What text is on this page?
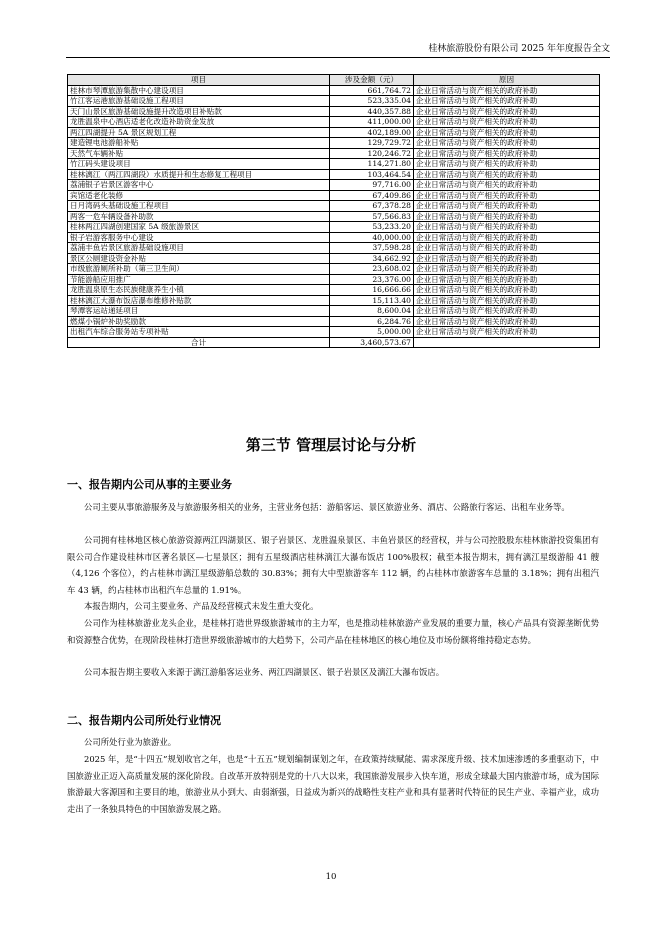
桂林旅游股份有限公司 2025 年年度报告全文
项目	涉及金额（元）	原因
桂林市琴潭旅游集散中心建设项目	661,764.72	企业日常活动与资产相关的政府补助
竹江客运港旅游基础设施工程项目	523,335.04	企业日常活动与资产相关的政府补助
天门山景区旅游基础设施提升改造项目补贴款	440,357.88	企业日常活动与资产相关的政府补助
龙胜温泉中心酒店适老化改造补助资金发放	411,000.00	企业日常活动与资产相关的政府补助
两江四湖提升 5A 景区规划工程	402,189.00	企业日常活动与资产相关的政府补助
建造锂电池游船补贴	129,729.72	企业日常活动与资产相关的政府补助
天然气车辆补贴	120,246.72	企业日常活动与资产相关的政府补助
竹江码头建设项目	114,271.80	企业日常活动与资产相关的政府补助
桂林漓江（两江四湖段）水质提升和生态修复工程项目	103,464.54	企业日常活动与资产相关的政府补助
荔浦银子岩景区游客中心	97,716.00	企业日常活动与资产相关的政府补助
宾馆适老化装修	67,409.86	企业日常活动与资产相关的政府补助
日月湾码头基础设施工程项目	67,378.28	企业日常活动与资产相关的政府补助
两客一危车辆设备补助款	57,566.83	企业日常活动与资产相关的政府补助
桂林两江四湖创建国家 5A 级旅游景区	53,233.20	企业日常活动与资产相关的政府补助
银子岩游客服务中心建设	40,000.00	企业日常活动与资产相关的政府补助
荔浦丰鱼岩景区旅游基础设施项目	37,598.28	企业日常活动与资产相关的政府补助
景区公厕建设资金补贴	34,662.92	企业日常活动与资产相关的政府补助
市级旅游厕所补助（第三卫生间）	23,608.02	企业日常活动与资产相关的政府补助
节能游船应用推广	23,376.00	企业日常活动与资产相关的政府补助
龙胜温泉原生态民族健康养生小镇	16,666.66	企业日常活动与资产相关的政府补助
桂林漓江大瀑布饭店瀑布维修补贴款	15,113.40	企业日常活动与资产相关的政府补助
琴潭客运站递延项目	8,600.04	企业日常活动与资产相关的政府补助
燃煤小锅炉补助奖励款	6,284.76	企业日常活动与资产相关的政府补助
出租汽车综合服务站专项补贴	5,000.00	企业日常活动与资产相关的政府补助
合计	3,460,573.67	
第三节 管理层讨论与分析
一、报告期内公司从事的主要业务

公司主要从事旅游服务及与旅游服务相关的业务，主营业务包括：游船客运、景区旅游业务、酒店、公路旅行客运、出租车业务等。

公司拥有桂林地区核心旅游资源两江四湖景区、银子岩景区、龙胜温泉景区、丰鱼岩景区的经营权，并与公司控股股东桂林旅游投资集团有限公司合作建设桂林市区著名景区—七星景区；拥有五星级酒店桂林漓江大瀑布饭店 100%股权；截至本报告期末，拥有漓江星级游船 41 艘（4,126 个客位），约占桂林市漓江星级游船总数的 30.83%；拥有大中型旅游客车 112 辆，约占桂林市旅游客车总量的 3.18%；拥有出租汽车 43 辆，约占桂林市出租汽车总量的 1.91%。

本报告期内，公司主要业务、产品及经营模式未发生重大变化。

公司作为桂林旅游业龙头企业，是桂林打造世界级旅游城市的主力军，也是推动桂林旅游产业发展的重要力量，核心产品具有资源垄断优势和资源整合优势，在现阶段桂林打造世界级旅游城市的大趋势下，公司产品在桂林地区的核心地位及市场份额将维持稳定态势。

公司本报告期主要收入来源于漓江游船客运业务、两江四湖景区、银子岩景区及漓江大瀑布饭店。

二、报告期内公司所处行业情况

公司所处行业为旅游业。

2025 年，是“十四五”规划收官之年，也是“十五五”规划编制谋划之年，在政策持续赋能、需求深度升级、技术加速渗透的多重驱动下，中国旅游业正迈入高质量发展的深化阶段。自改革开放特别是党的十八大以来，我国旅游发展步入快车道，形成全球最大国内旅游市场，成为国际旅游最大客源国和主要目的地，旅游业从小到大、由弱渐强，日益成为新兴的战略性支柱产业和具有显著时代特征的民生产业、幸福产业，成功走出了一条独具特色的中国旅游发展之路。

10
